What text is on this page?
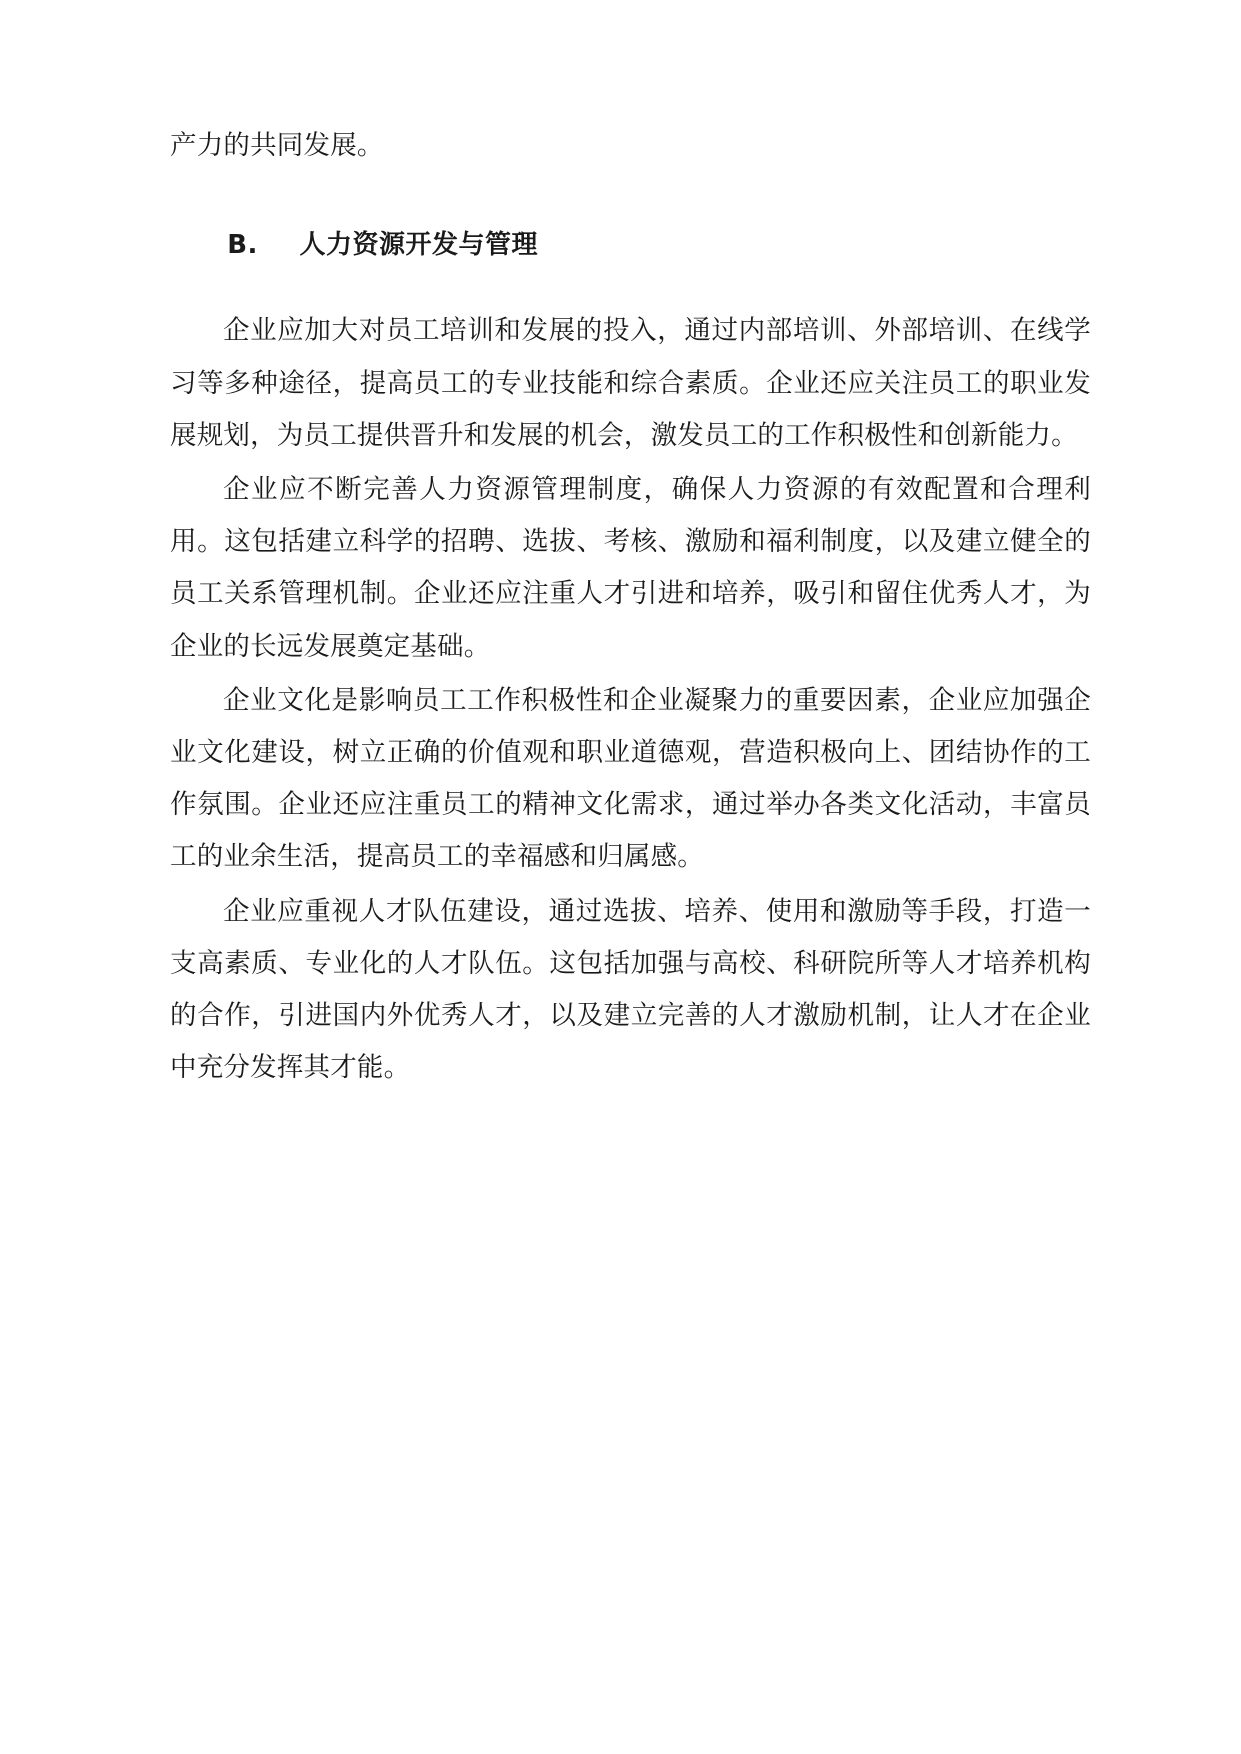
产力的共同发展。

B. 人力资源开发与管理

企业应加大对员工培训和发展的投入，通过内部培训、外部培训、在线学习等多种途径，提高员工的专业技能和综合素质。企业还应关注员工的职业发展规划，为员工提供晋升和发展的机会，激发员工的工作积极性和创新能力。

企业应不断完善人力资源管理制度，确保人力资源的有效配置和合理利用。这包括建立科学的招聘、选拔、考核、激励和福利制度，以及建立健全的员工关系管理机制。企业还应注重人才引进和培养，吸引和留住优秀人才，为企业的长远发展奠定基础。

企业文化是影响员工工作积极性和企业凝聚力的重要因素，企业应加强企业文化建设，树立正确的价值观和职业道德观，营造积极向上、团结协作的工作氛围。企业还应注重员工的精神文化需求，通过举办各类文化活动，丰富员工的业余生活，提高员工的幸福感和归属感。

企业应重视人才队伍建设，通过选拔、培养、使用和激励等手段，打造一支高素质、专业化的人才队伍。这包括加强与高校、科研院所等人才培养机构的合作，引进国内外优秀人才，以及建立完善的人才激励机制，让人才在企业中充分发挥其才能。
